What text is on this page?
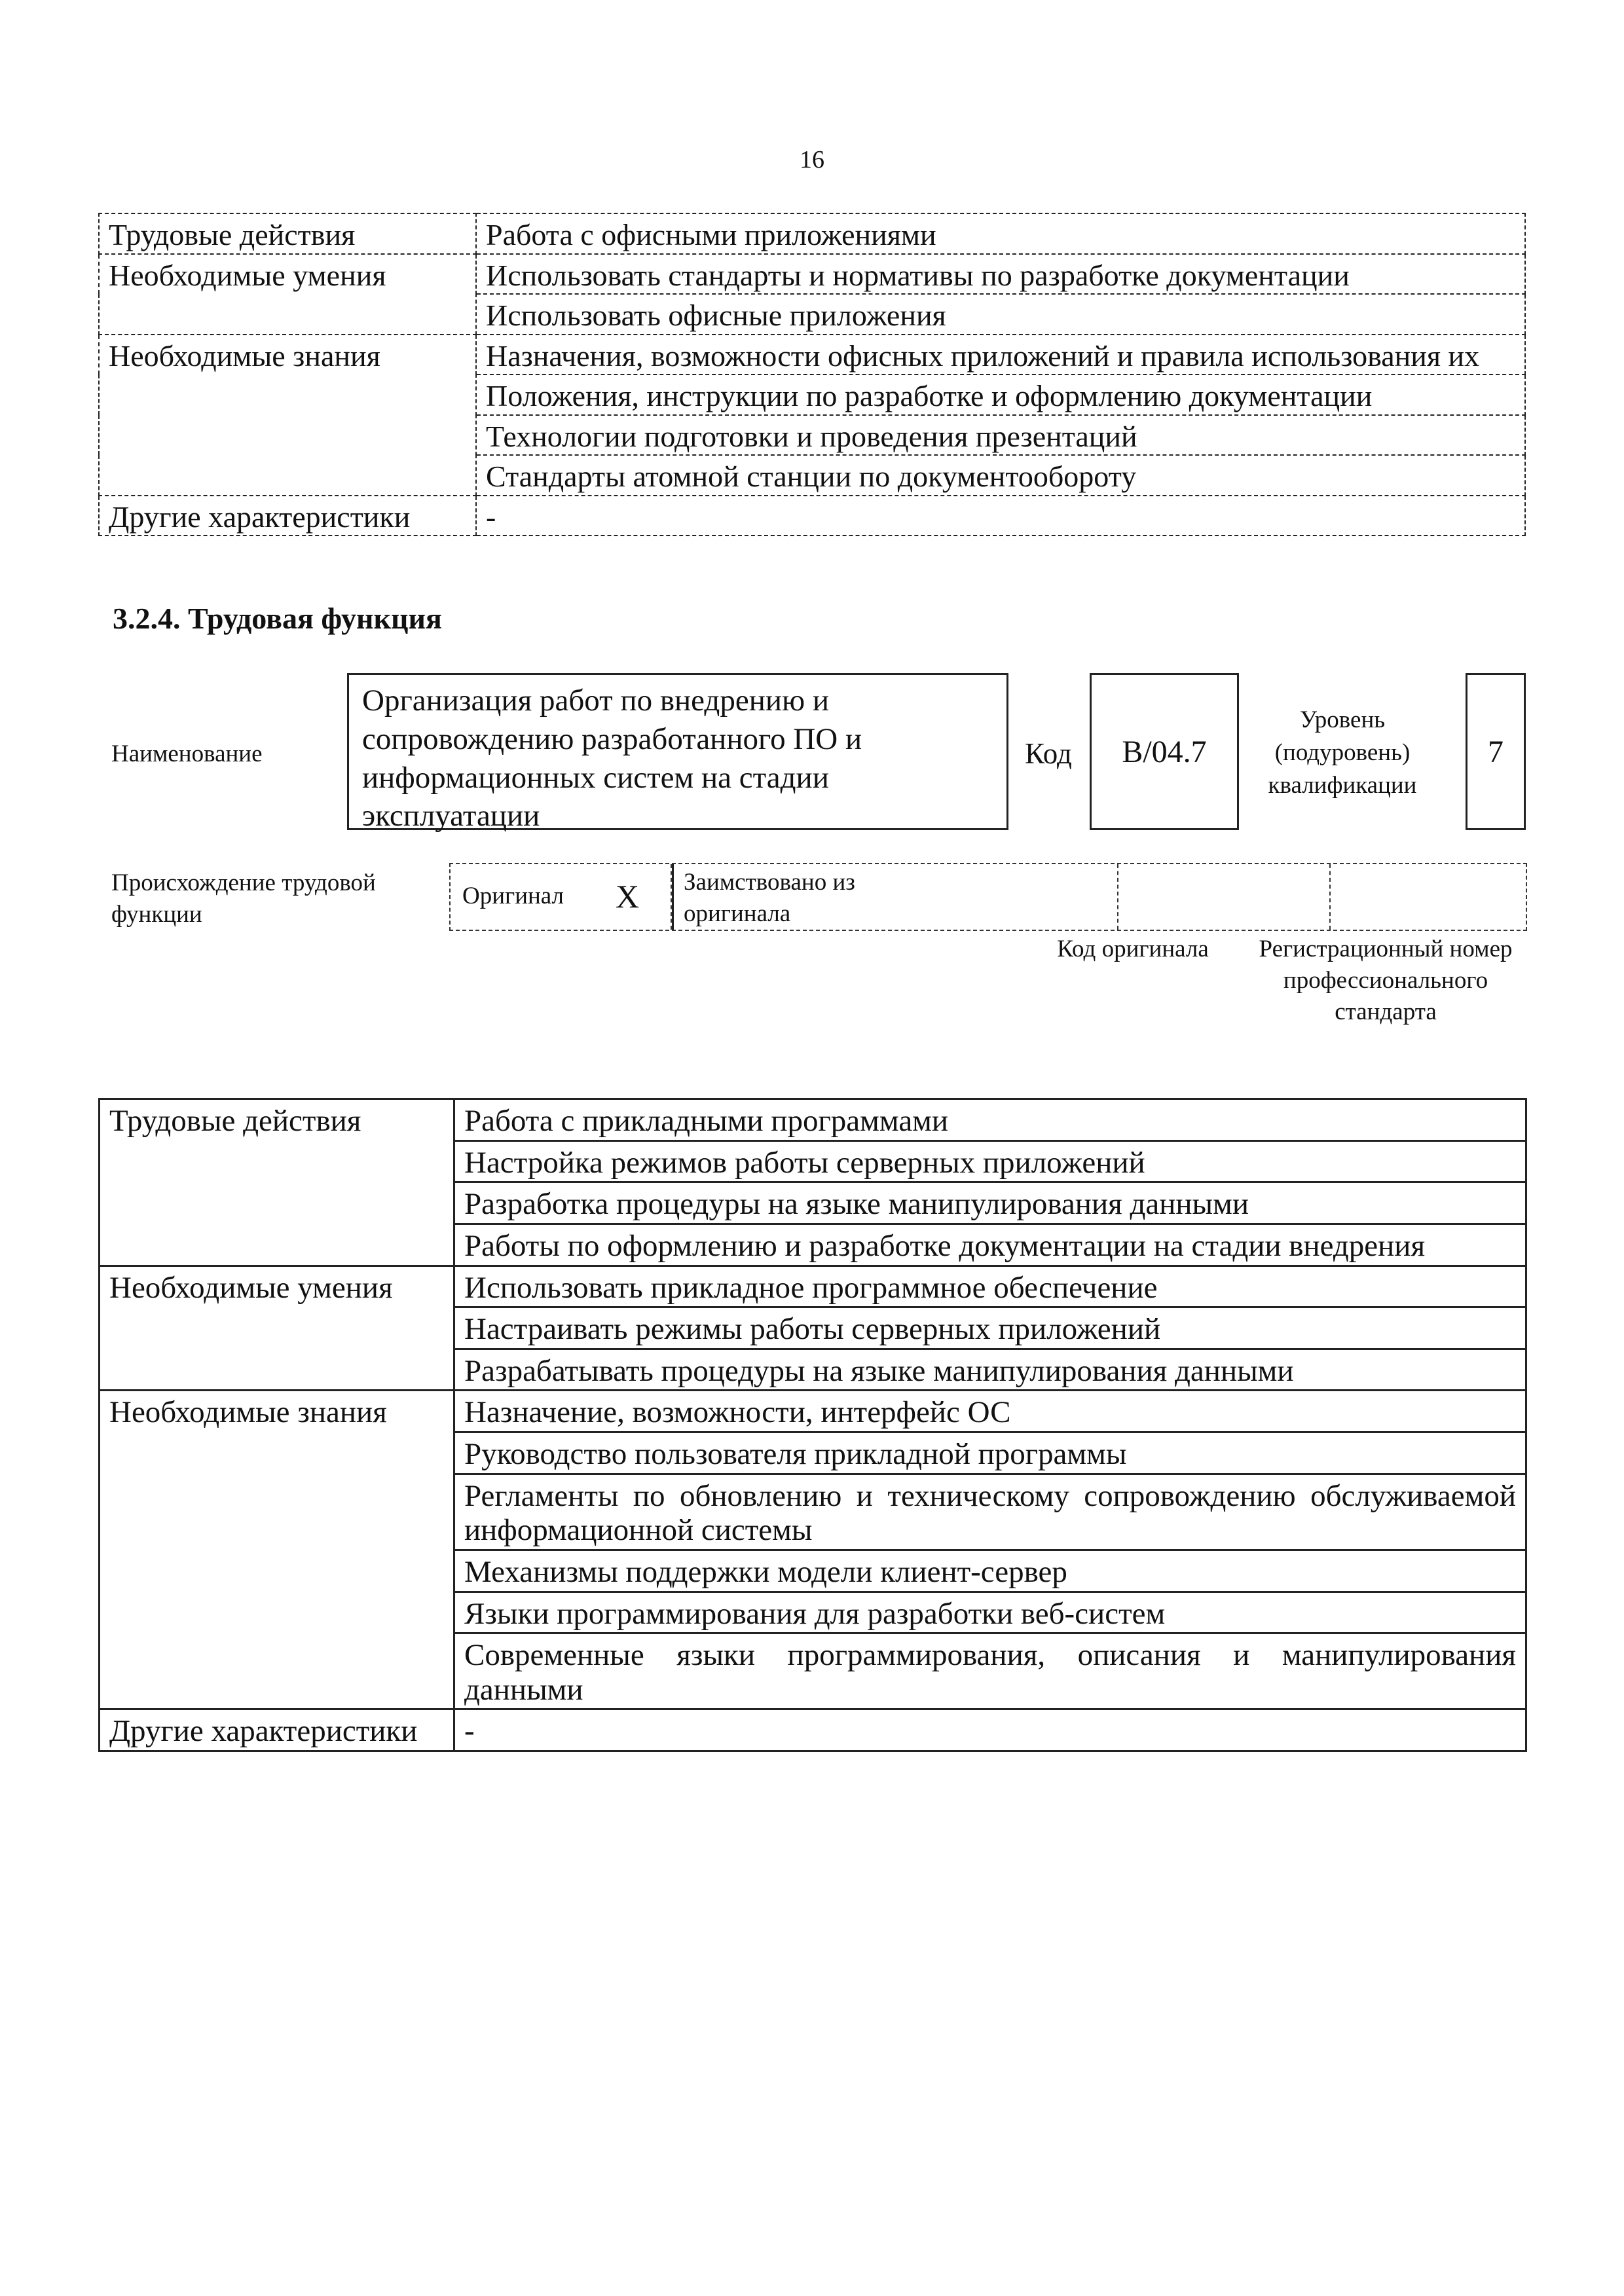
16
Трудовые действия	Работа с офисными приложениями
Необходимые умения	Использовать стандарты и нормативы по разработке документации
	Использовать офисные приложения
Необходимые знания	Назначения, возможности офисных приложений и правила использования их
	Положения, инструкции по разработке и оформлению документации
	Технологии подготовки и проведения презентаций
	Стандарты атомной станции по документообороту
Другие характеристики	-
3.2.4. Трудовая функция
Наименование
Организация работ по внедрению и сопровождению разработанного ПО и информационных систем на стадии эксплуатации
Код B/04.7
Уровень (подуровень) квалификации
7
Происхождение трудовой функции
Оригинал X Заимствовано из оригинала
Код оригинала	Регистрационный номер профессионального стандарта
Трудовые действия	Работа с прикладными программами
	Настройка режимов работы серверных приложений
	Разработка процедуры на языке манипулирования данными
	Работы по оформлению и разработке документации на стадии внедрения
Необходимые умения	Использовать прикладное программное обеспечение
	Настраивать режимы работы серверных приложений
	Разрабатывать процедуры на языке манипулирования данными
Необходимые знания	Назначение, возможности, интерфейс ОС
	Руководство пользователя прикладной программы
	Регламенты по обновлению и техническому сопровождению обслуживаемой информационной системы
	Механизмы поддержки модели клиент-сервер
	Языки программирования для разработки веб-систем
	Современные языки программирования, описания и манипулирования данными
Другие характеристики	-
